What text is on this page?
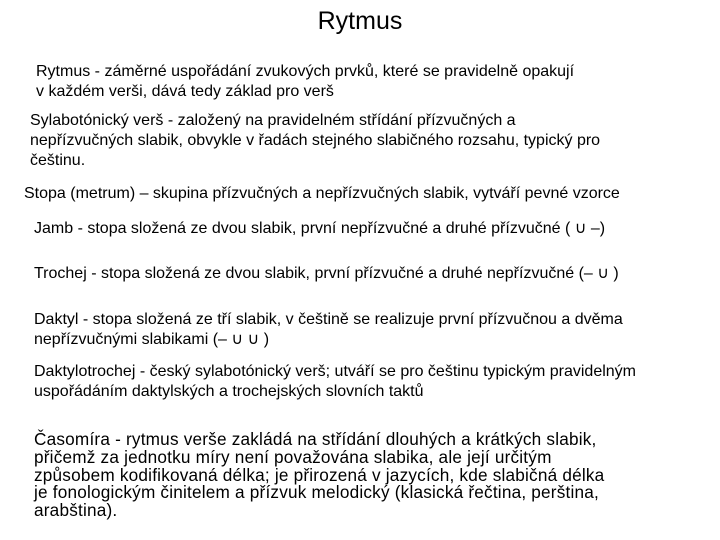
Rytmus

Rytmus - záměrné uspořádání zvukových prvků, které se pravidelně opakují
v každém verši, dává tedy základ pro verš

Sylabotónický verš - založený na pravidelném střídání přízvučných a
nepřízvučných slabik, obvykle v řadách stejného slabičného rozsahu, typický pro
češtinu.

Stopa (metrum) – skupina přízvučných a nepřízvučných slabik, vytváří pevné vzorce

Jamb - stopa složená ze dvou slabik, první nepřízvučné a druhé přízvučné ( ∪ –)

Trochej - stopa složená ze dvou slabik, první přízvučné a druhé nepřízvučné (– ∪ )

Daktyl - stopa složená ze tří slabik, v češtině se realizuje první přízvučnou a dvěma
nepřízvučnými slabikami (– ∪ ∪ )

Daktylotrochej - český sylabotónický verš; utváří se pro češtinu typickým pravidelným
uspořádáním daktylských a trochejských slovních taktů

Časomíra - rytmus verše zakládá na střídání dlouhých a krátkých slabik,
přičemž za jednotku míry není považována slabika, ale její určitým
způsobem kodifikovaná délka; je přirozená v jazycích, kde slabičná délka
je fonologickým činitelem a přízvuk melodický (klasická řečtina, perština,
arabština).
